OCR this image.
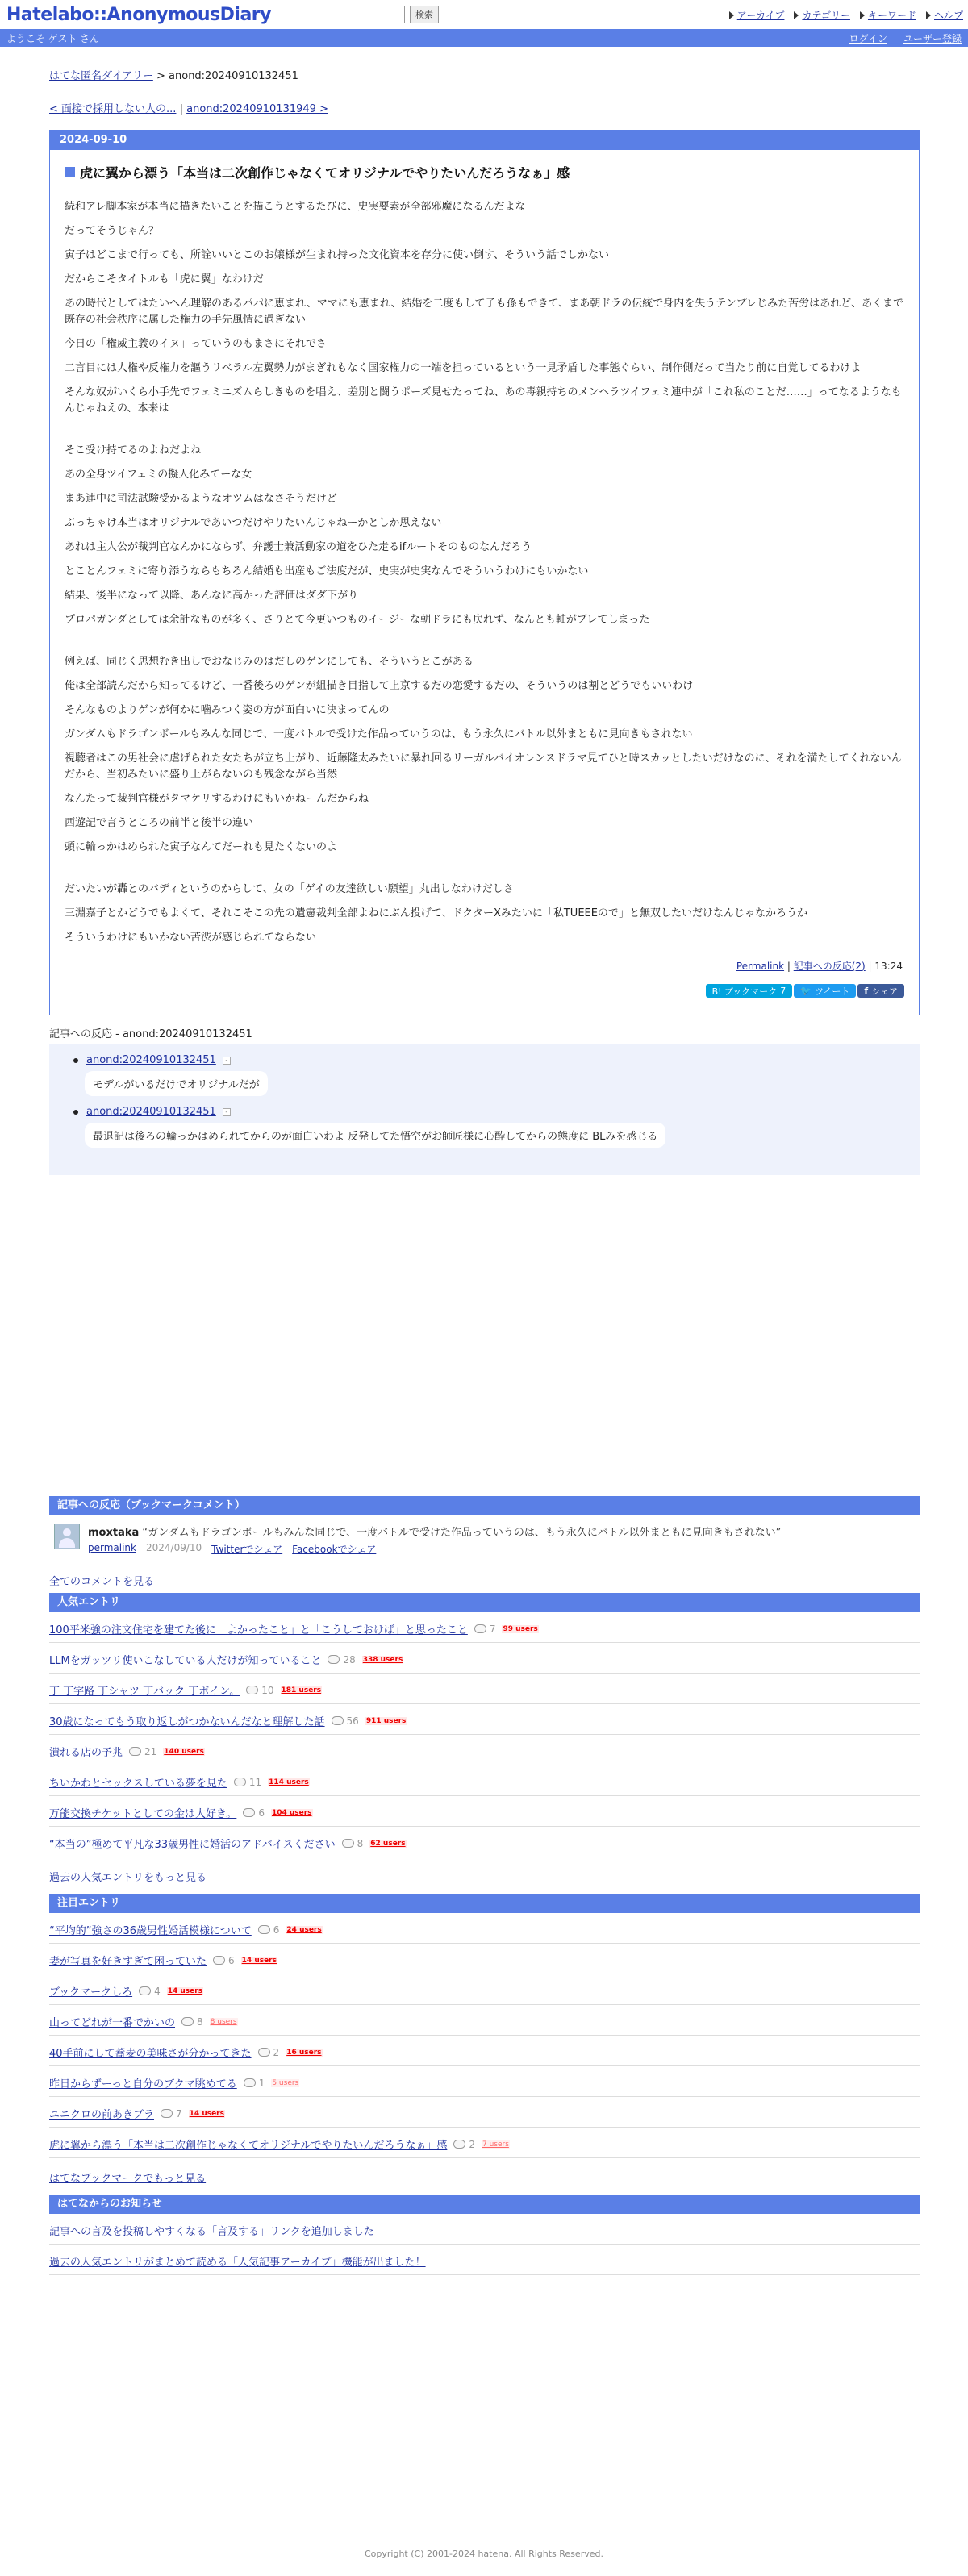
Hatelabo::AnonymousDiary	検索	アーカイブ カテゴリー キーワード ヘルプ
ようこそ ゲスト さん	ログイン ユーザー登録
はてな匿名ダイアリー > anond:20240910132451
< 面接で採用しない人の... | anond:20240910131949 >
2024-09-10
虎に翼から漂う「本当は二次創作じゃなくてオリジナルでやりたいんだろうなぁ」感

続和アレ脚本家が本当に描きたいことを描こうとするたびに、史実要素が全部邪魔になるんだよな

だってそうじゃん？

寅子はどこまで行っても、所詮いいとこのお嬢様が生まれ持った文化資本を存分に使い倒す、そういう話でしかない

だからこそタイトルも「虎に翼」なわけだ

あの時代としてはたいへん理解のあるパパに恵まれ、ママにも恵まれ、結婚を二度もして子も孫もできて、まあ朝ドラの伝統で身内を失うテンプレじみた苦労はあれど、あくまで既存の社会秩序に属した権力の手先風情に過ぎない

今日の「権威主義のイヌ」っていうのもまさにそれでさ

二言目には人権や反権力を謳うリベラル左翼勢力がまぎれもなく国家権力の一端を担っているという一見矛盾した事態ぐらい、制作側だって当たり前に自覚してるわけよ

そんな奴がいくら小手先でフェミニズムらしきものを唱え、差別と闘うポーズ見せたってね、あの毒親持ちのメンヘラツイフェミ連中が「これ私のことだ……」ってなるようなもんじゃねえの、本来は

そこ受け持てるのよねだよね

あの全身ツイフェミの擬人化みてーな女

まあ連中に司法試験受かるようなオツムはなさそうだけど

ぶっちゃけ本当はオリジナルであいつだけやりたいんじゃねーかとしか思えない

あれは主人公が裁判官なんかにならず、弁護士兼活動家の道をひた走るifルートそのものなんだろう

とことんフェミに寄り添うならもちろん結婚も出産もご法度だが、史実が史実なんでそういうわけにもいかない

結果、後半になって以降、あんなに高かった評価はダダ下がり

プロパガンダとしては余計なものが多く、さりとて今更いつものイージーな朝ドラにも戻れず、なんとも軸がブレてしまった

例えば、同じく思想むき出しでおなじみのはだしのゲンにしても、そういうとこがある

俺は全部読んだから知ってるけど、一番後ろのゲンが組描き目指して上京するだの恋愛するだの、そういうのは割とどうでもいいわけ

そんなものよりゲンが何かに噛みつく姿の方が面白いに決まってんの

ガンダムもドラゴンボールもみんな同じで、一度バトルで受けた作品っていうのは、もう永久にバトル以外まともに見向きもされない

視聴者はこの男社会に虐げられた女たちが立ち上がり、近藤隆太みたいに暴れ回るリーガルバイオレンスドラマ見てひと時スカッとしたいだけなのに、それを満たしてくれないんだから、当初みたいに盛り上がらないのも残念ながら当然

なんたって裁判官様がタマケリするわけにもいかねーんだからね

西遊記で言うところの前半と後半の違い

頭に輪っかはめられた寅子なんてだーれも見たくないのよ

だいたいが轟とのバディというのからして、女の「ゲイの友達欲しい願望」丸出しなわけだしさ

三淵嘉子とかどうでもよくて、それこそこの先の遺憲裁判全部よねにぶん投げて、ドクターXみたいに「私TUEEEので」と無双したいだけなんじゃなかろうか

そういうわけにもいかない苦渋が感じられてならない

Permalink | 記事への反応(2) | 13:24
B! ブックマーク 7 🐦 ツイート f シェア
記事への反応 - anond:20240910132451
anond:20240910132451	-
モデルがいるだけでオリジナルだが
anond:20240910132451	-
最退記は後ろの輪っかはめられてからのが面白いわよ 反発してた悟空がお師匠様に心酔してからの態度に BLみを感じる
記事への反応（ブックマークコメント）
moxtaka “ガンダムもドラゴンボールもみんな同じで、一度バトルで受けた作品っていうのは、もう永久にバトル以外まともに見向きもされない”
permalink 2024/09/10 Twitterでシェア Facebookでシェア
全てのコメントを見る
人気エントリ
100平米強の注文住宅を建てた後に「よかったこと」と「こうしておけば」と思ったこと 7 99 users
LLMをガッツリ使いこなしている人だけが知っていること 28 338 users
丁 丁字路 丁シャツ 丁バック 丁ボイン。 10 181 users
30歳になってもう取り返しがつかないんだなと理解した話 56 911 users
潰れる店の予兆 21 140 users
ちいかわとセックスしている夢を見た 11 114 users
万能交換チケットとしての金は大好き。 6 104 users
“本当の”極めて平凡な33歳男性に婚活のアドバイスください 8 62 users
過去の人気エントリをもっと見る
注目エントリ
“平均的”強さの36歳男性婚活模様について 6 24 users
妻が写真を好きすぎて困っていた 6 14 users
ブックマークしろ 4 14 users
山ってどれが一番でかいの 8 8 users
40手前にして蕎麦の美味さが分かってきた 2 16 users
昨日からずーっと自分のブクマ眺めてる 1 5 users
ユニクロの前あきブラ 7 14 users
虎に翼から漂う「本当は二次創作じゃなくてオリジナルでやりたいんだろうなぁ」感 2 7 users
はてなブックマークでもっと見る
はてなからのお知らせ
記事への言及を投稿しやすくなる「言及する」リンクを追加しました
過去の人気エントリがまとめて読める「人気記事アーカイブ」機能が出ました！
Copyright (C) 2001-2024 hatena. All Rights Reserved.
